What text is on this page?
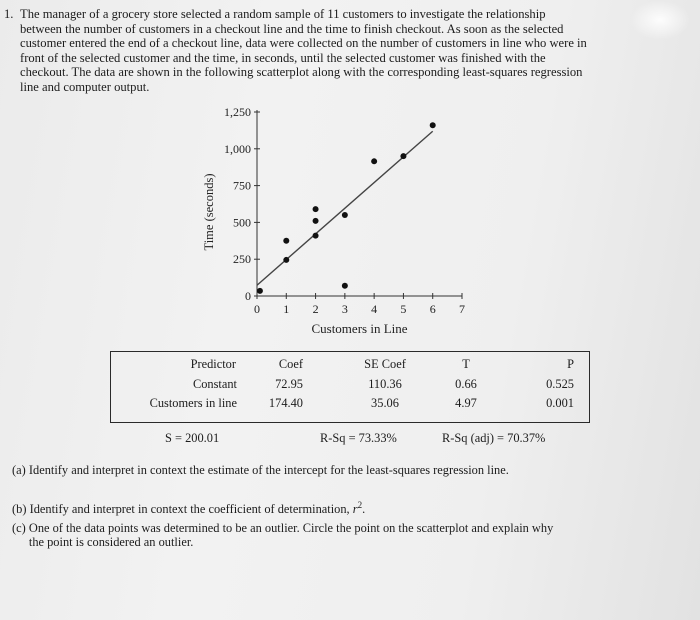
1. The manager of a grocery store selected a random sample of 11 customers to investigate the relationship
between the number of customers in a checkout line and the time to finish checkout. As soon as the selected
customer entered the end of a checkout line, data were collected on the number of customers in line who were in
front of the selected customer and the time, in seconds, until the selected customer was finished with the
checkout. The data are shown in the following scatterplot along with the corresponding least-squares regression
line and computer output.
0
250
500
750
1,000
1,250
0 1 2 3 4 5 6 7
Customers in Line
Time (seconds)
Predictor	Coef	SE Coef	T	P
Constant	72.95	110.36	0.66	0.525
Customers in line	174.40	35.06	4.97	0.001
S = 200.01	R-Sq = 73.33%	R-Sq (adj) = 70.37%
(a) Identify and interpret in context the estimate of the intercept for the least-squares regression line.
(b) Identify and interpret in context the coefficient of determination, $r^2$.
(c) One of the data points was determined to be an outlier. Circle the point on the scatterplot and explain why
the point is considered an outlier.
